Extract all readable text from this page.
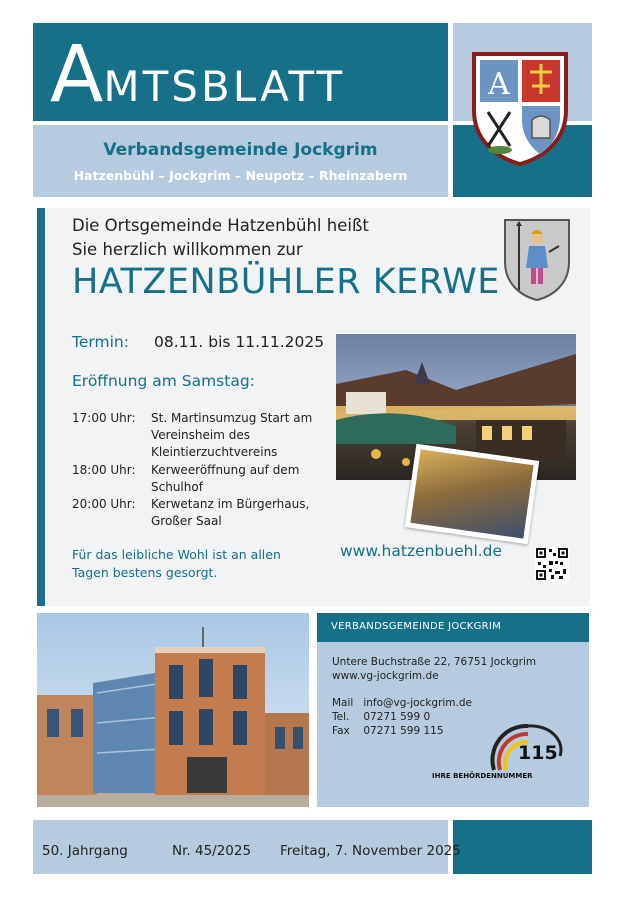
AMTSBLATT	A
Verbandsgemeinde Jockgrim
Hatzenbühl – Jockgrim – Neupotz – Rheinzabern
Die Ortsgemeinde Hatzenbühl heißt
Sie herzlich willkommen zur
HATZENBÜHLER KERWE
Termin: 08.11. bis 11.11.2025
Eröffnung am Samstag:
17:00 Uhr:	St. Martinsumzug Start am Vereinsheim des Kleintierzuchtvereins
18:00 Uhr:	Kerweeröffnung auf dem Schulhof
20:00 Uhr:	Kerwetanz im Bürgerhaus, Großer Saal
Für das leibliche Wohl ist an allen Tagen bestens gesorgt.
www.hatzenbuehl.de
VERBANDSGEMEINDE JOCKGRIM
Untere Buchstraße 22, 76751 Jockgrim
www.vg-jockgrim.de
Mail info@vg-jockgrim.de
Tel. 07271 599 0
Fax 07271 599 115
115
IHRE BEHÖRDENNUMMER
50. Jahrgang	Nr. 45/2025 Freitag, 7. November 2025
